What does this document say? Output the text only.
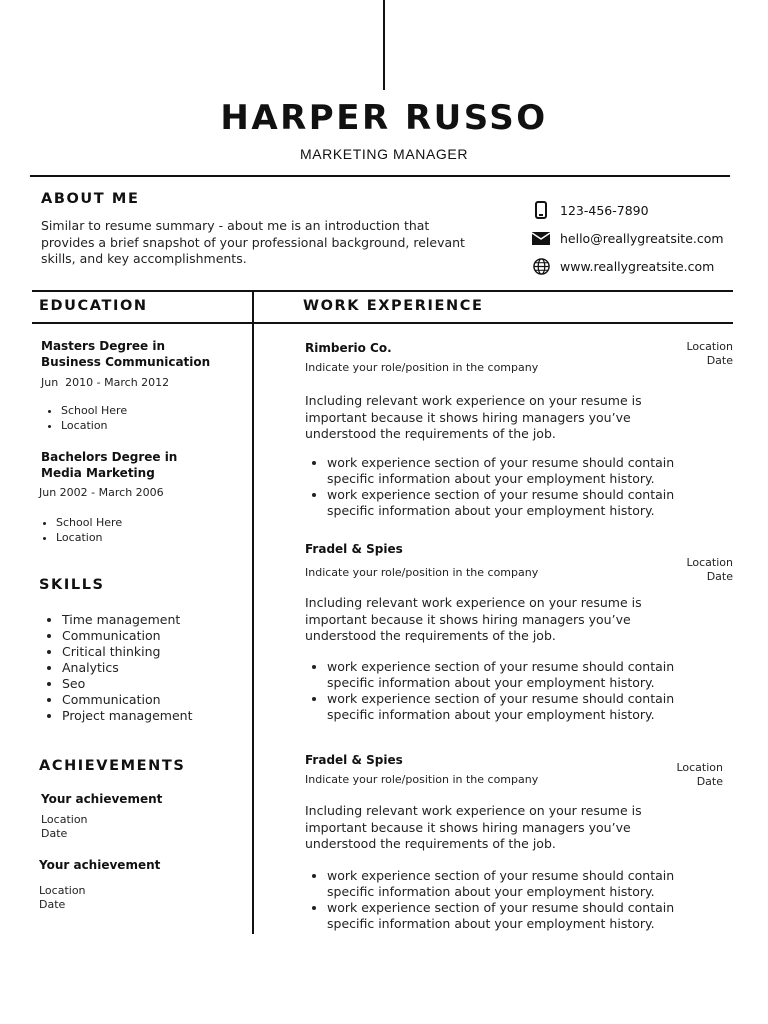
HARPER RUSSO
MARKETING MANAGER
ABOUT ME
Similar to resume summary - about me is an introduction that provides a brief snapshot of your professional background, relevant skills, and key accomplishments.
123-456-7890
hello@reallygreatsite.com
www.reallygreatsite.com
EDUCATION	WORK EXPERIENCE
Masters Degree in
Business Communication
Jun  2010 - March 2012
• School Here
• Location
Bachelors Degree in
Media Marketing
Jun 2002 - March 2006
• School Here
• Location
SKILLS
• Time management
• Communication
• Critical thinking
• Analytics
• Seo
• Communication
• Project management
ACHIEVEMENTS
Your achievement
Location
Date
Your achievement
Location
Date
Rimberio Co.	Location
Date
Indicate your role/position in the company
Including relevant work experience on your resume is important because it shows hiring managers you’ve understood the requirements of the job.
• work experience section of your resume should contain specific information about your employment history.
• work experience section of your resume should contain specific information about your employment history.
Fradel & Spies
Location
Date
Indicate your role/position in the company
Including relevant work experience on your resume is important because it shows hiring managers you’ve understood the requirements of the job.
• work experience section of your resume should contain specific information about your employment history.
• work experience section of your resume should contain specific information about your employment history.
Fradel & Spies
Location
Date
Indicate your role/position in the company
Including relevant work experience on your resume is important because it shows hiring managers you’ve understood the requirements of the job.
• work experience section of your resume should contain specific information about your employment history.
• work experience section of your resume should contain specific information about your employment history.
